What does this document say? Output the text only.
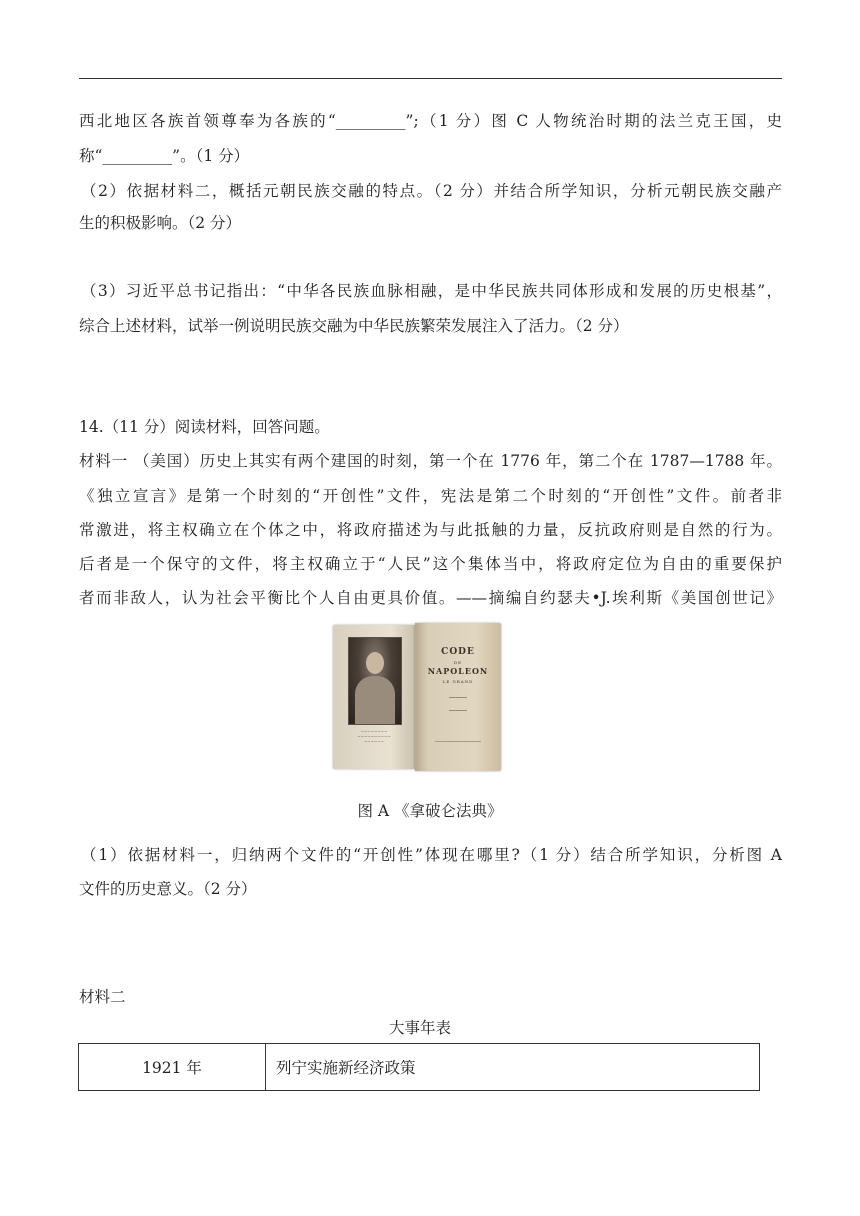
西北地区各族首领尊奉为各族的“_________”;（1 分）图 C 人物统治时期的法兰克王国，史
称“_________”。（1 分）
（2）依据材料二，概括元朝民族交融的特点。（2 分）并结合所学知识，分析元朝民族交融产
生的积极影响。（2 分）
（3）习近平总书记指出：“中华各民族血脉相融，是中华民族共同体形成和发展的历史根基”，
综合上述材料，试举一例说明民族交融为中华民族繁荣发展注入了活力。（2 分）
14.（11 分）阅读材料，回答问题。
材料一 （美国）历史上其实有两个建国的时刻，第一个在 1776 年，第二个在 1787—1788 年。
《独立宣言》是第一个时刻的“开创性”文件，宪法是第二个时刻的“开创性”文件。前者非
常激进，将主权确立在个体之中，将政府描述为与此抵触的力量，反抗政府则是自然的行为。
后者是一个保守的文件，将主权确立于“人民”这个集体当中，将政府定位为自由的重要保护
者而非敌人，认为社会平衡比个人自由更具价值。——摘编自约瑟夫•J.埃利斯《美国创世记》
~~~~~~~~
~~~~~~~~~~
~~~~~~
CODE
DE
NAPOLEON
LE GRAND
图 A 《拿破仑法典》
（1）依据材料一，归纳两个文件的“开创性”体现在哪里?（1 分）结合所学知识，分析图 A
文件的历史意义。（2 分）
材料二
大事年表
1921 年	列宁实施新经济政策
